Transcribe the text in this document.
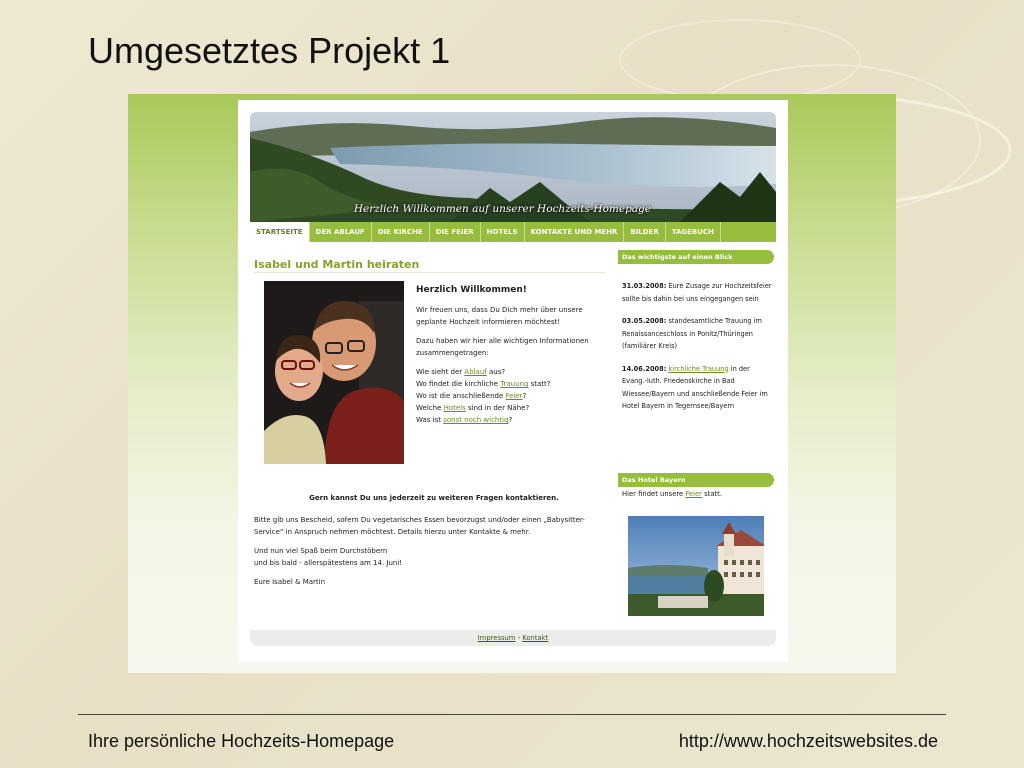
Umgesetztes Projekt 1
Herzlich Willkommen auf unserer Hochzeits-Homepage
STARTSEITE	DER ABLAUF	DIE KIRCHE	DIE FEIER	HOTELS	KONTAKTE UND MEHR	BILDER	TAGEBUCH
Isabel und Martin heiraten
Herzlich Willkommen!

Wir freuen uns, dass Du Dich mehr über unsere geplante Hochzeit informieren möchtest!

Dazu haben wir hier alle wichtigen Informationen zusammengetragen:

Wie sieht der Ablauf aus?
Wo findet die kirchliche Trauung statt?
Wo ist die anschließende Feier?
Welche Hotels sind in der Nähe?
Was ist sonst noch wichtig?

Gern kannst Du uns jederzeit zu weiteren Fragen kontaktieren.

Bitte gib uns Bescheid, sofern Du vegetarisches Essen bevorzugst und/oder einen „Babysitter-Service“ in Anspruch nehmen möchtest. Details hierzu unter Kontakte & mehr.

Und nun viel Spaß beim Durchstöbern

und bis bald - allerspätestens am 14. Juni!

Eure Isabel & Martin

Das wichtigste auf einen Blick
31.03.2008: Eure Zusage zur Hochzeitsfeier sollte bis dahin bei uns eingegangen sein
03.05.2008: standesamtliche Trauung im Renaissanceschloss in Ponitz/Thüringen (familiärer Kreis)
14.06.2008: kirchliche Trauung in der Evang.-luth. Friedenskirche in Bad Wiessee/Bayern und anschließende Feier im Hotel Bayern in Tegernsee/Bayern
Das Hotel Bayern
Hier findet unsere Feier statt.
Impressum - Kontakt
Ihre persönliche Hochzeits-Homepage	http://www.hochzeitswebsites.de
